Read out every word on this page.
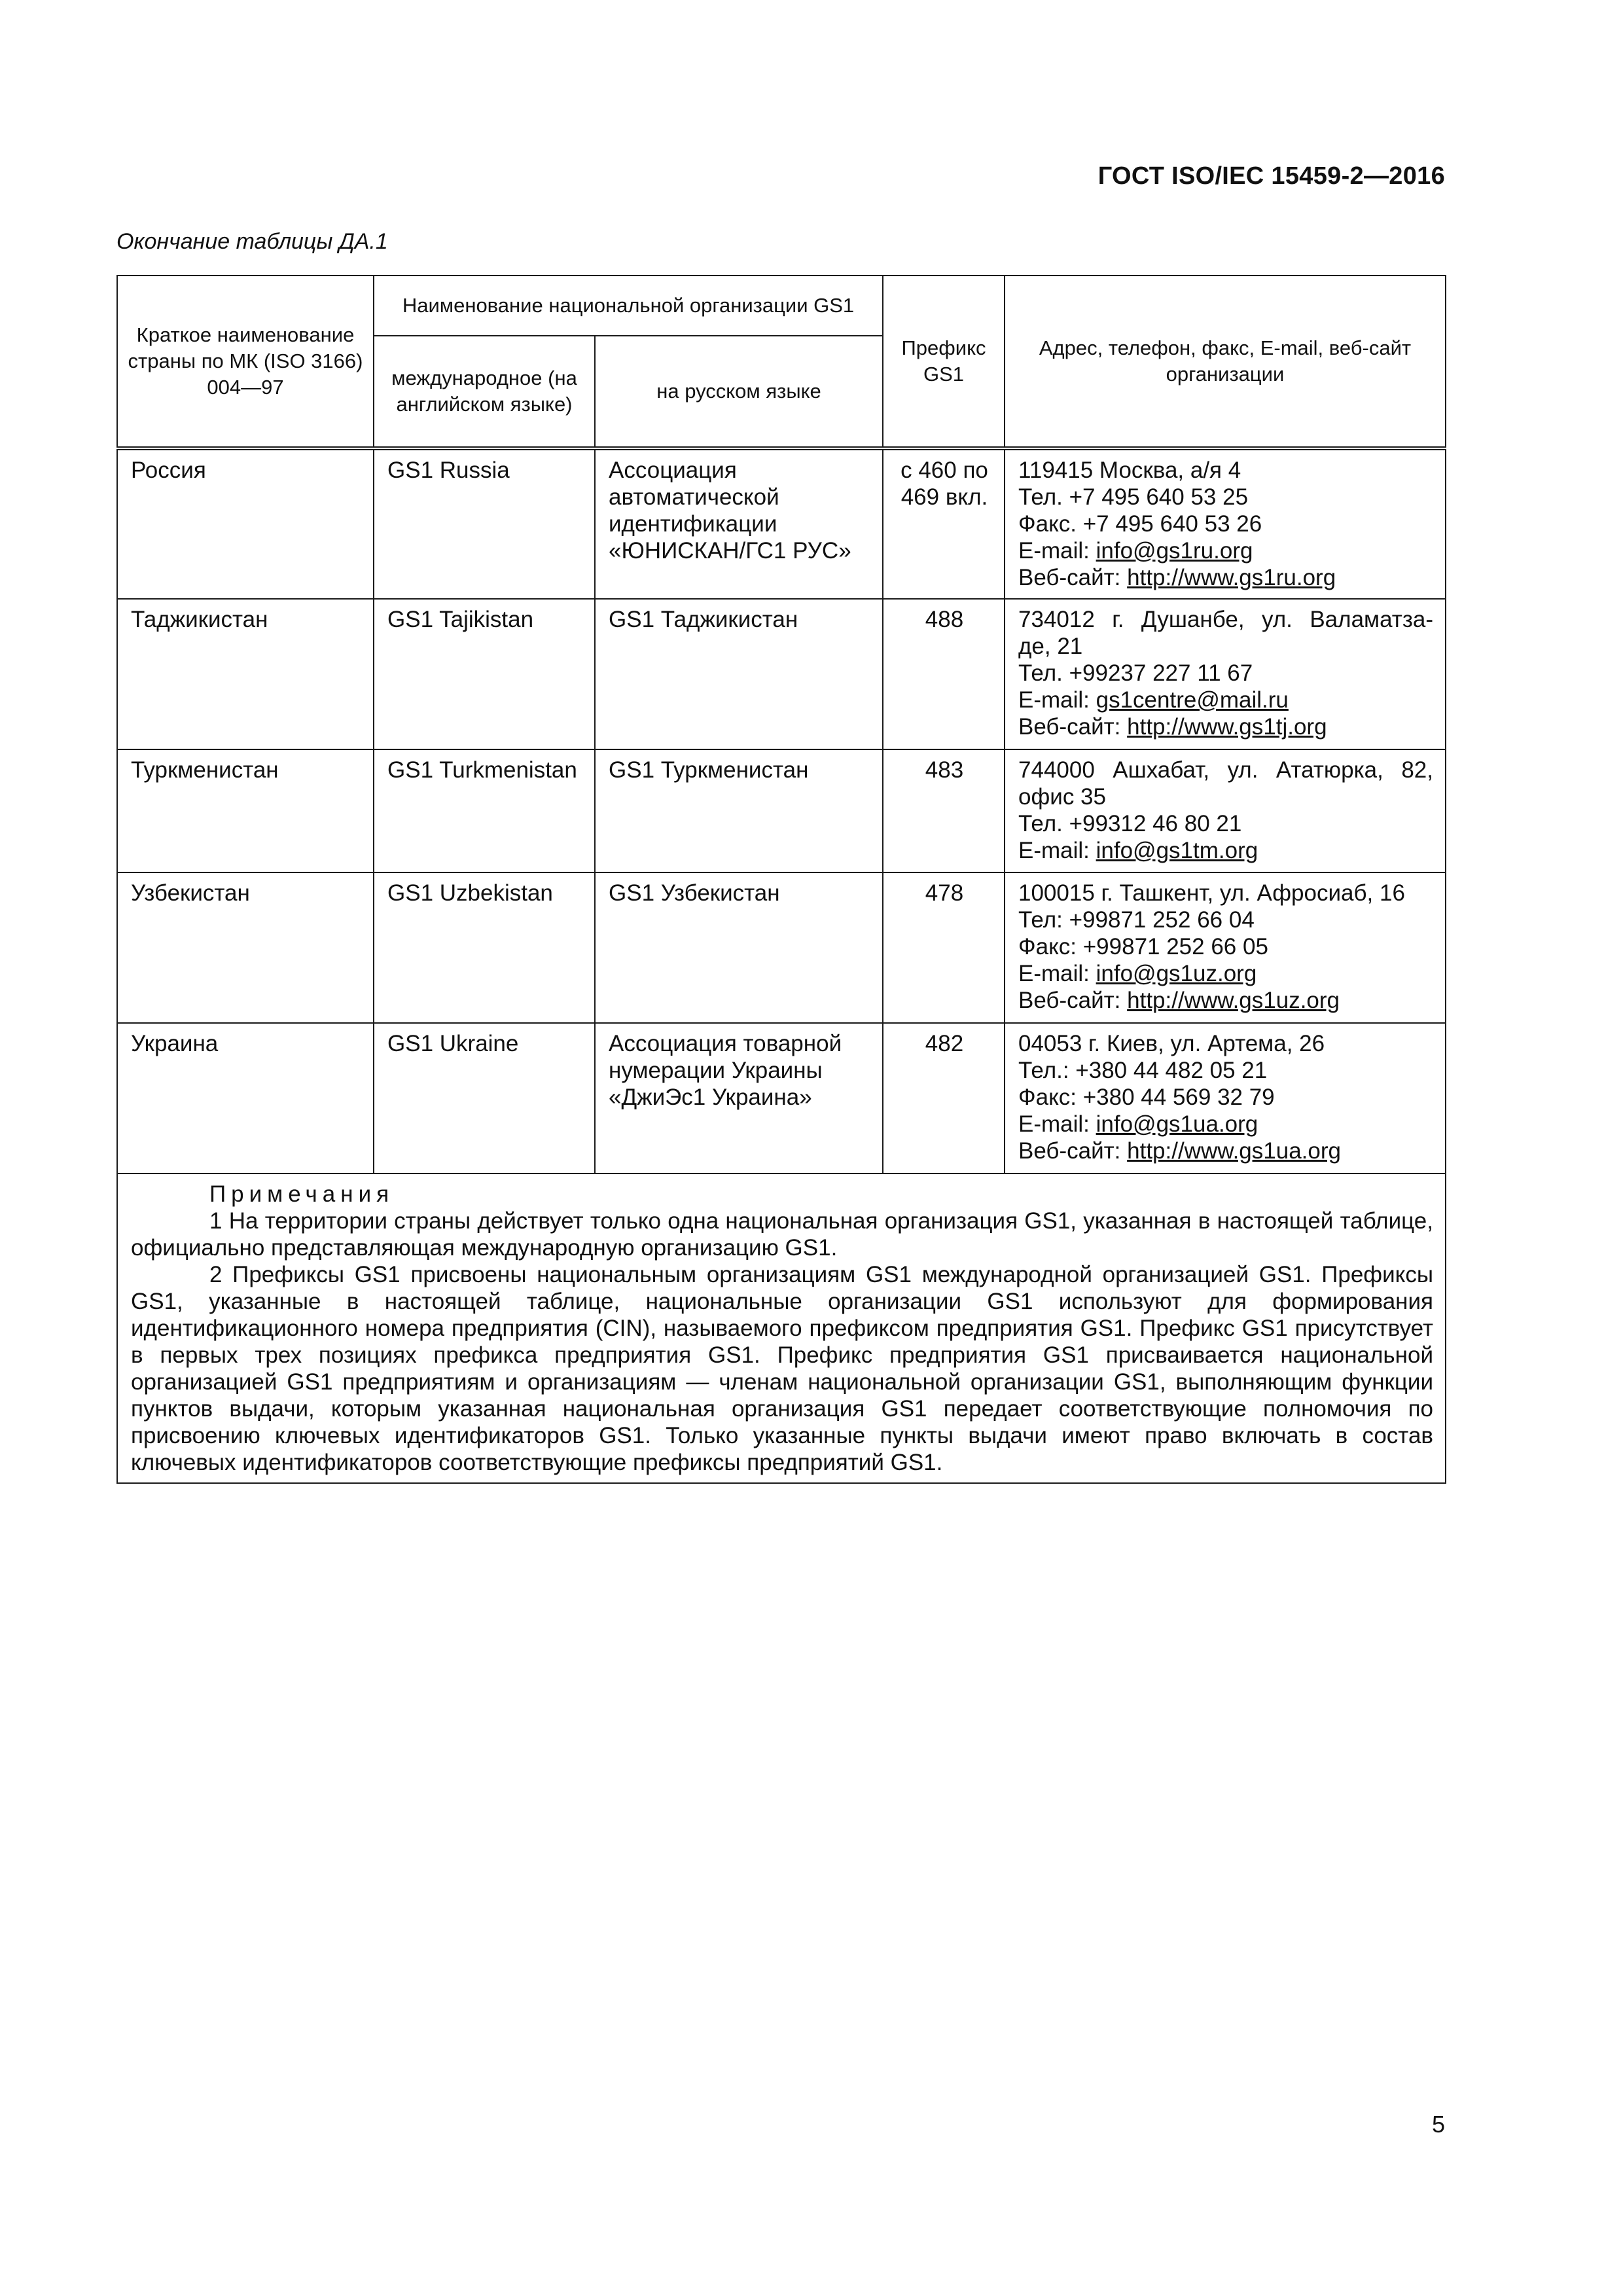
ГОСТ ISO/IEC 15459-2—2016
Окончание таблицы ДА.1
Краткое наименование страны по МК (ISO 3166) 004—97	Наименование национальной организации GS1		Префикс GS1	Адрес, телефон, факс, E-mail, веб-сайт организации
	международное (на английском языке)	на русском языке		
Россия	GS1 Russia	Ассоциация автоматической идентификации «ЮНИСКАН/ГС1 РУС»	с 460 по 469 вкл.	119415 Москва, а/я 4
Тел. +7 495 640 53 25
Факс. +7 495 640 53 26
E-mail: info@gs1ru.org
Веб-сайт: http://www.gs1ru.org

Таджикистан	GS1 Tajikistan	GS1 Таджикистан	488	734012 г. Душанбе, ул. Валаматза-
де, 21
Тел. +99237 227 11 67
E-mail: gs1centre@mail.ru
Веб-сайт: http://www.gs1tj.org

Туркменистан	GS1 Turkmenistan	GS1 Туркменистан	483	744000 Ашхабат, ул. Ататюрка, 82,
офис 35
Тел. +99312 46 80 21
E-mail: info@gs1tm.org

Узбекистан	GS1 Uzbekistan	GS1 Узбекистан	478	100015 г. Ташкент, ул. Афросиаб, 16
Тел: +99871 252 66 04
Факс: +99871 252 66 05
E-mail: info@gs1uz.org
Веб-сайт: http://www.gs1uz.org

Украина	GS1 Ukraine	Ассоциация товарной нумерации Украины «ДжиЭс1 Украина»	482	04053 г. Киев, ул. Артема, 26
Тел.: +380 44 482 05 21
Факс: +380 44 569 32 79
E-mail: info@gs1ua.org
Веб-сайт: http://www.gs1ua.org

Примечания

1 На территории страны действует только одна национальная организация GS1, указанная в настоящей таблице, официально представляющая международную организацию GS1.

2 Префиксы GS1 присвоены национальным организациям GS1 международной организацией GS1. Префиксы GS1, указанные в настоящей таблице, национальные организации GS1 используют для формирования идентификационного номера предприятия (CIN), называемого префиксом предприятия GS1. Префикс GS1 присутствует в первых трех позициях префикса предприятия GS1. Префикс предприятия GS1 присваивается национальной организацией GS1 предприятиям и организациям — членам национальной организации GS1, выполняющим функции пунктов выдачи, которым указанная национальная организация GS1 передает соответствующие полномочия по присвоению ключевых идентификаторов GS1. Только указанные пункты выдачи имеют право включать в состав ключевых идентификаторов соответствующие префиксы предприятий GS1.				

5
